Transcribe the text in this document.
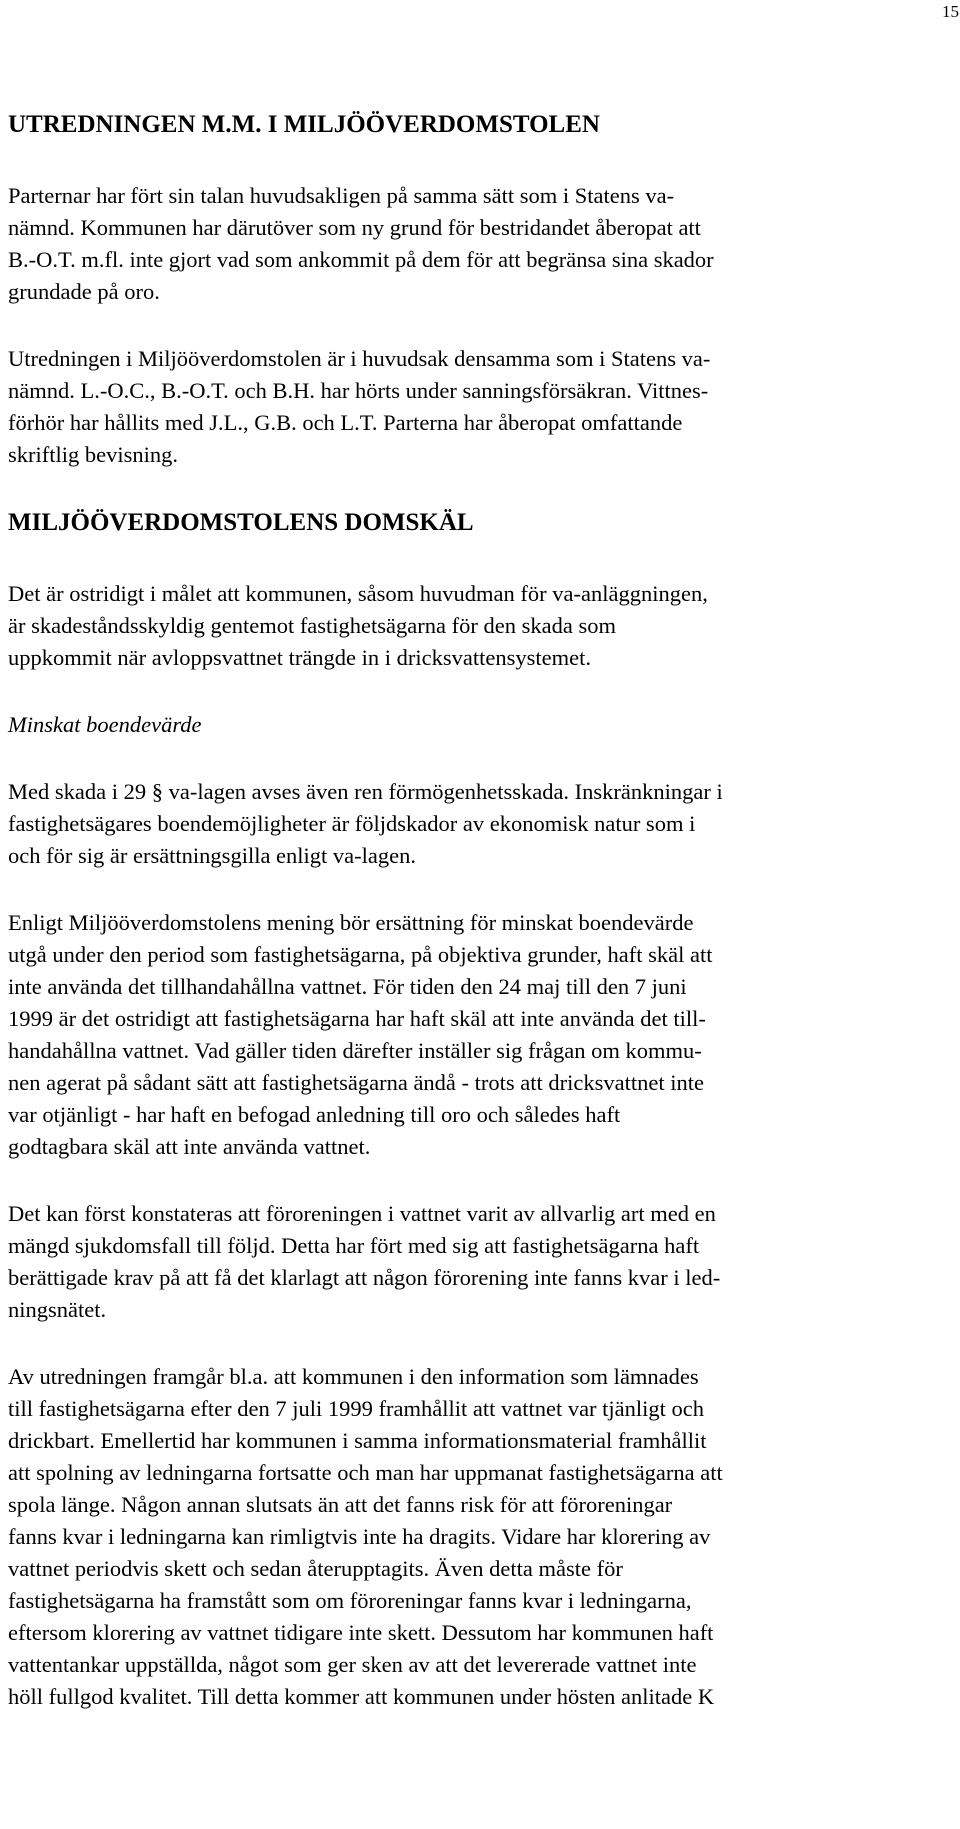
15
UTREDNINGEN M.M. I MILJÖÖVERDOMSTOLEN

Parternar har fört sin talan huvudsakligen på samma sätt som i Statens va-
nämnd. Kommunen har därutöver som ny grund för bestridandet åberopat att
B.-O.T. m.fl. inte gjort vad som ankommit på dem för att begränsa sina skador
grundade på oro.

Utredningen i Miljööverdomstolen är i huvudsak densamma som i Statens va-
nämnd. L.-O.C., B.-O.T. och B.H. har hörts under sanningsförsäkran. Vittnes-
förhör har hållits med J.L., G.B. och L.T. Parterna har åberopat omfattande
skriftlig bevisning.

MILJÖÖVERDOMSTOLENS DOMSKÄL

Det är ostridigt i målet att kommunen, såsom huvudman för va-anläggningen,
är skadeståndsskyldig gentemot fastighetsägarna för den skada som
uppkommit när avloppsvattnet trängde in i dricksvattensystemet.

Minskat boendevärde

Med skada i 29 § va-lagen avses även ren förmögenhetsskada. Inskränkningar i
fastighetsägares boendemöjligheter är följdskador av ekonomisk natur som i
och för sig är ersättningsgilla enligt va-lagen.

Enligt Miljööverdomstolens mening bör ersättning för minskat boendevärde
utgå under den period som fastighetsägarna, på objektiva grunder, haft skäl att
inte använda det tillhandahållna vattnet. För tiden den 24 maj till den 7 juni
1999 är det ostridigt att fastighetsägarna har haft skäl att inte använda det till-
handahållna vattnet. Vad gäller tiden därefter inställer sig frågan om kommu-
nen agerat på sådant sätt att fastighetsägarna ändå - trots att dricksvattnet inte
var otjänligt - har haft en befogad anledning till oro och således haft
godtagbara skäl att inte använda vattnet.

Det kan först konstateras att föroreningen i vattnet varit av allvarlig art med en
mängd sjukdomsfall till följd. Detta har fört med sig att fastighetsägarna haft
berättigade krav på att få det klarlagt att någon förorening inte fanns kvar i led-
ningsnätet.

Av utredningen framgår bl.a. att kommunen i den information som lämnades
till fastighetsägarna efter den 7 juli 1999 framhållit att vattnet var tjänligt och
drickbart. Emellertid har kommunen i samma informationsmaterial framhållit
att spolning av ledningarna fortsatte och man har uppmanat fastighetsägarna att
spola länge. Någon annan slutsats än att det fanns risk för att föroreningar
fanns kvar i ledningarna kan rimligtvis inte ha dragits. Vidare har klorering av
vattnet periodvis skett och sedan återupptagits. Även detta måste för
fastighetsägarna ha framstått som om föroreningar fanns kvar i ledningarna,
eftersom klorering av vattnet tidigare inte skett. Dessutom har kommunen haft
vattentankar uppställda, något som ger sken av att det levererade vattnet inte
höll fullgod kvalitet. Till detta kommer att kommunen under hösten anlitade K
